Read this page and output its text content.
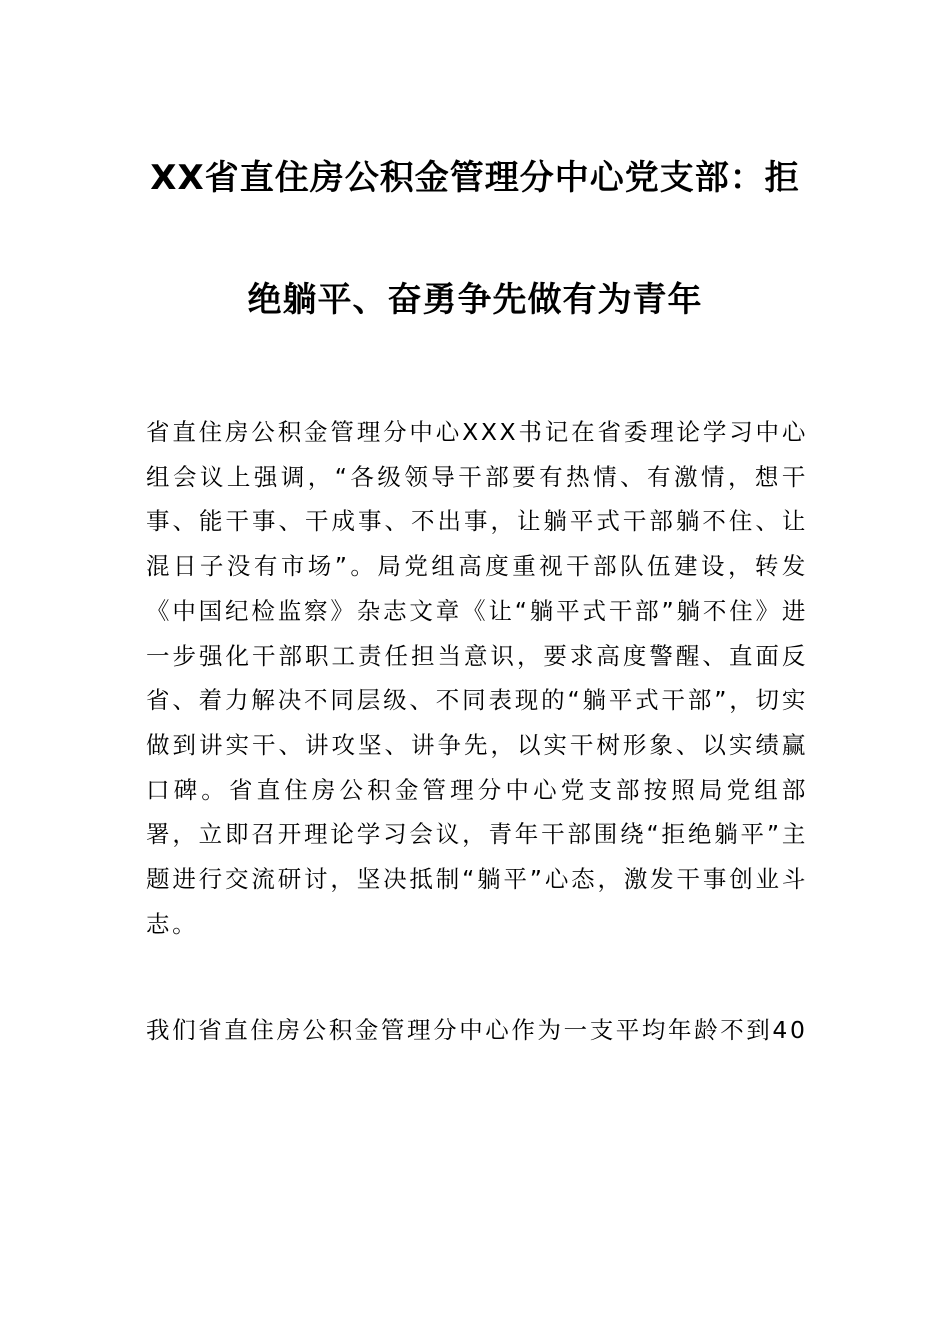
XX省直住房公积金管理分中心党支部：拒
绝躺平、奋勇争先做有为青年

省直住房公积金管理分中心XXX书记在省委理论学习中心组会议上强调，“各级领导干部要有热情、有激情，想干事、能干事、干成事、不出事，让躺平式干部躺不住、让混日子没有市场”。局党组高度重视干部队伍建设，转发《中国纪检监察》杂志文章《让“躺平式干部”躺不住》进一步强化干部职工责任担当意识，要求高度警醒、直面反省、着力解决不同层级、不同表现的“躺平式干部”，切实做到讲实干、讲攻坚、讲争先，以实干树形象、以实绩赢口碑。省直住房公积金管理分中心党支部按照局党组部署，立即召开理论学习会议，青年干部围绕“拒绝躺平”主题进行交流研讨，坚决抵制“躺平”心态，激发干事创业斗志。

我们省直住房公积金管理分中心作为一支平均年龄不到40
